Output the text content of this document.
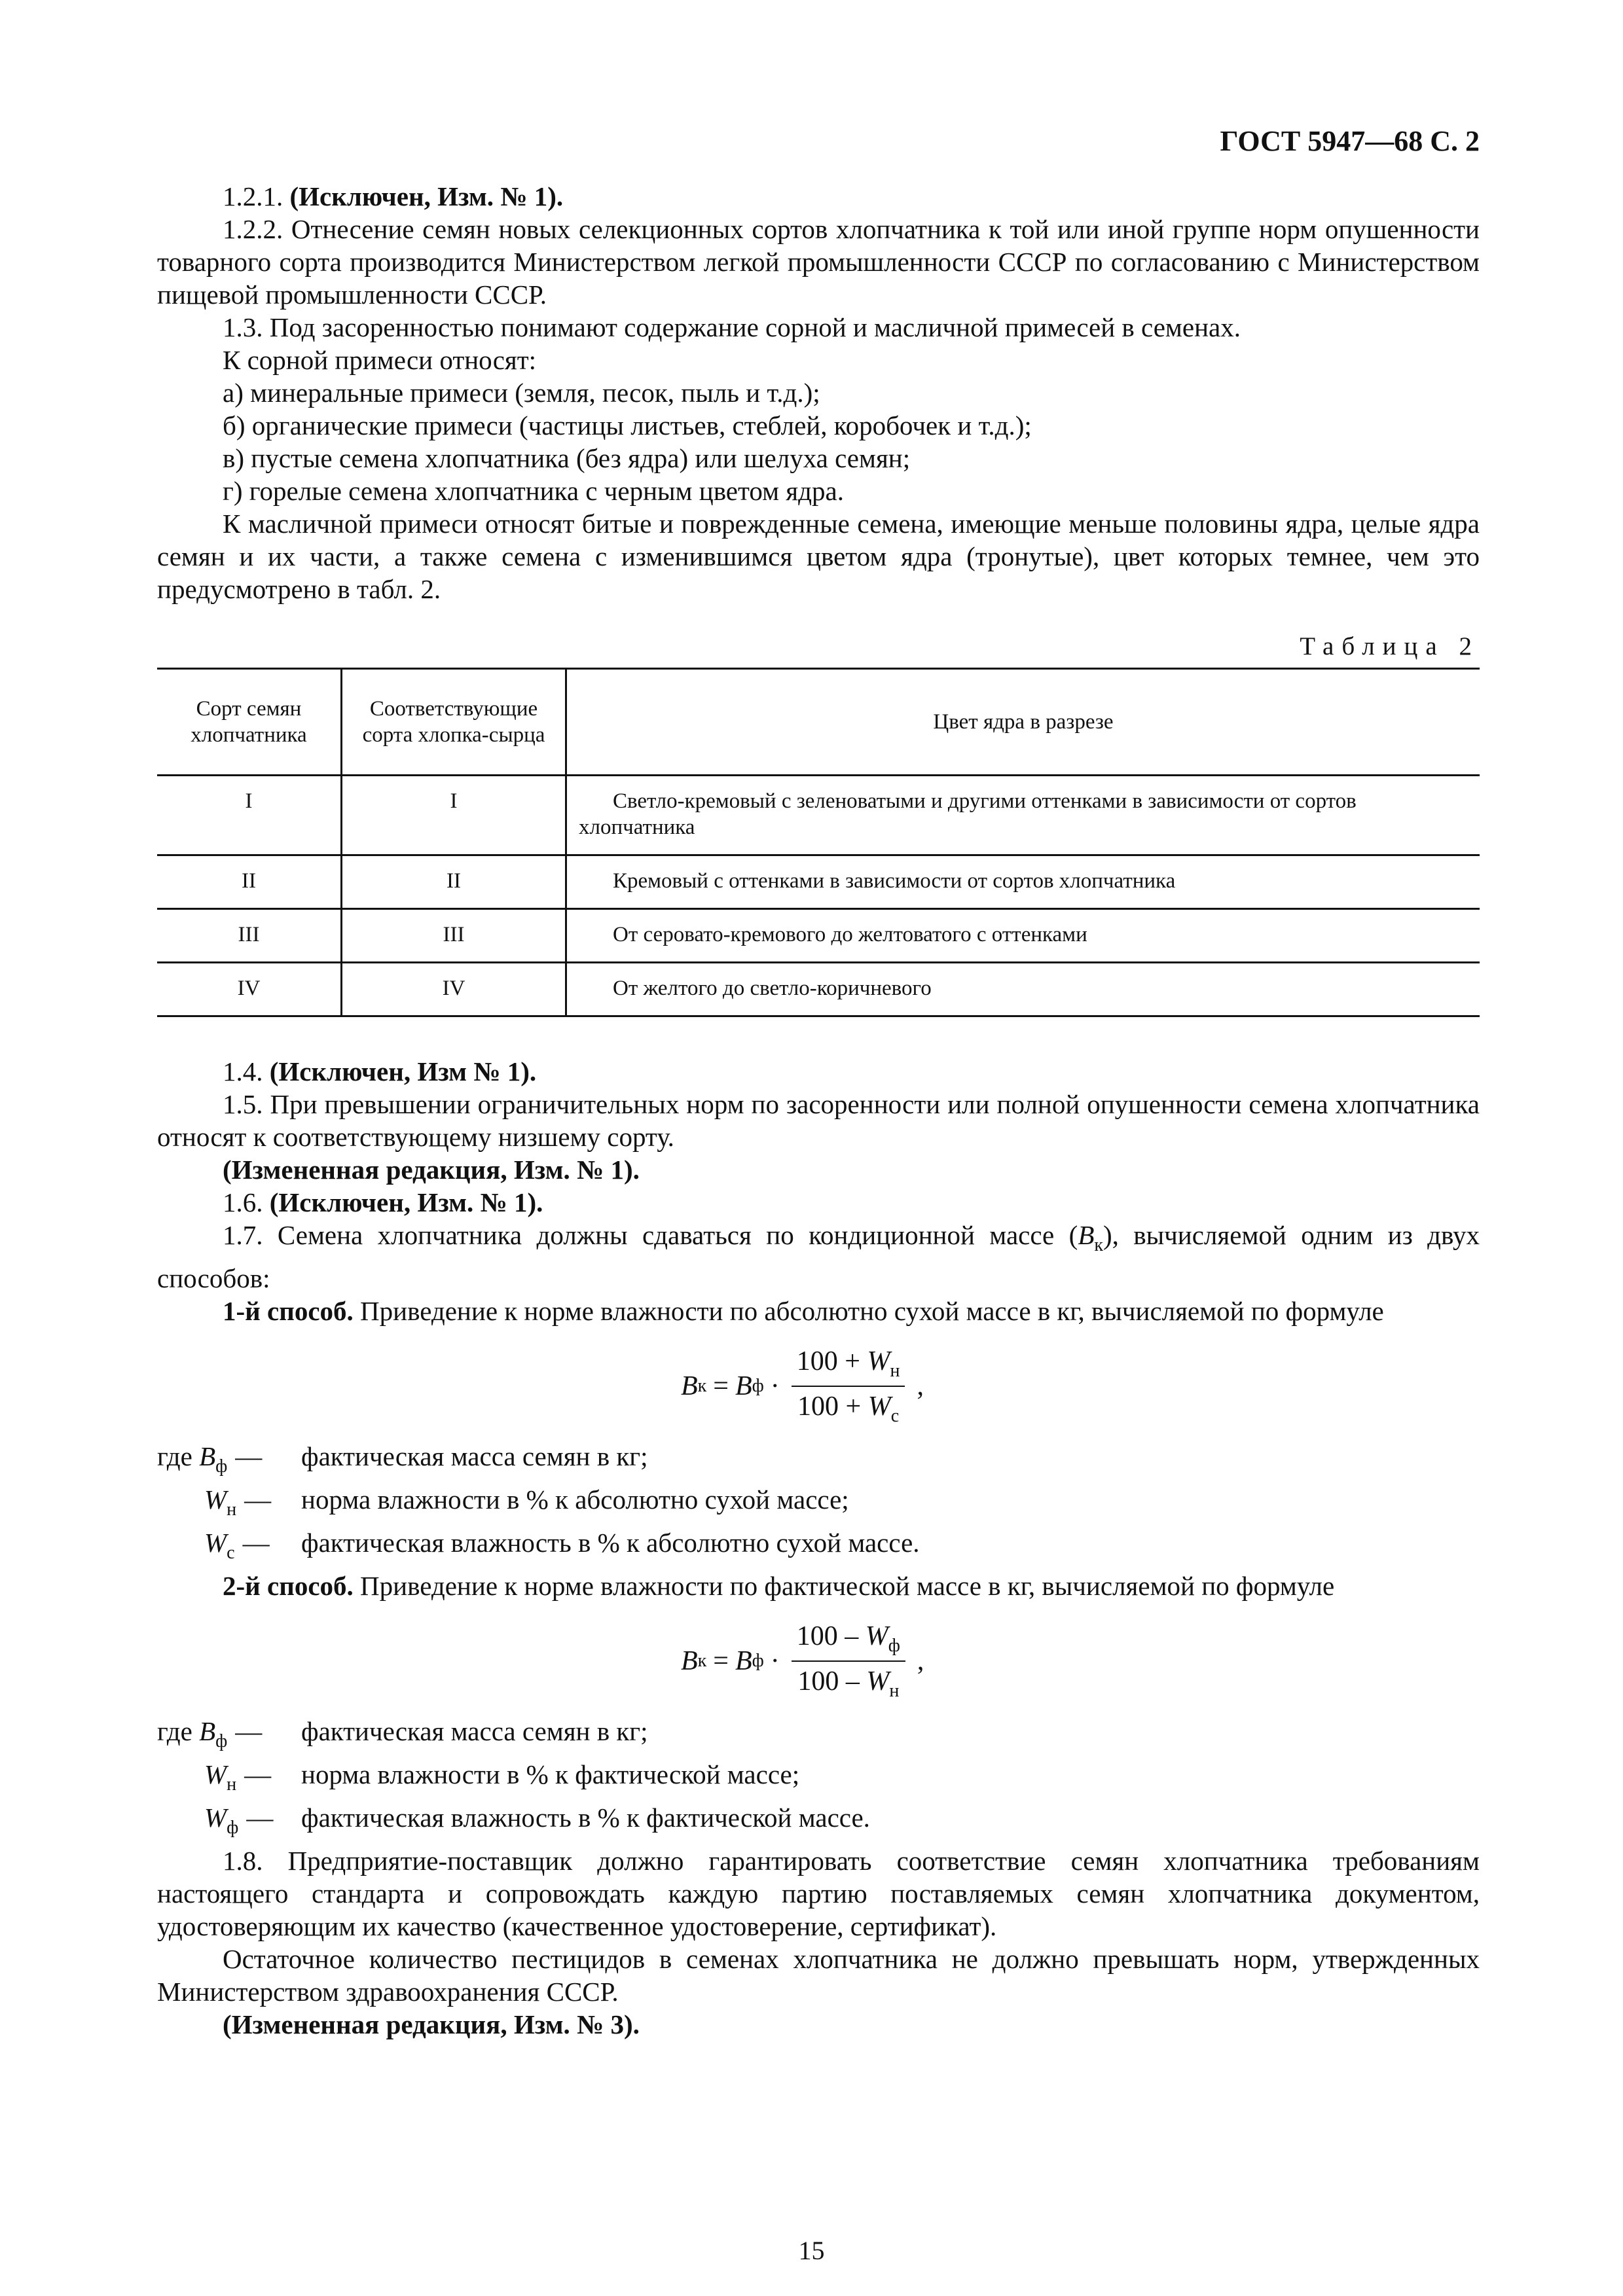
ГОСТ 5947—68 С. 2

1.2.1. (Исключен, Изм. № 1).

1.2.2. Отнесение семян новых селекционных сортов хлопчатника к той или иной группе норм опушенности товарного сорта производится Министерством легкой промышленности СССР по согласованию с Министерством пищевой промышленности СССР.

1.3. Под засоренностью понимают содержание сорной и масличной примесей в семенах.

К сорной примеси относят:

а) минеральные примеси (земля, песок, пыль и т.д.);

б) органические примеси (частицы листьев, стеблей, коробочек и т.д.);

в) пустые семена хлопчатника (без ядра) или шелуха семян;

г) горелые семена хлопчатника с черным цветом ядра.

К масличной примеси относят битые и поврежденные семена, имеющие меньше половины ядра, целые ядра семян и их части, а также семена с изменившимся цветом ядра (тронутые), цвет которых темнее, чем это предусмотрено в табл. 2.

Таблица 2
Сорт семян хлопчатника	Соответствующие сорта хлопка-сырца	Цвет ядра в разрезе
I	I	Светло-кремовый с зеленоватыми и другими оттенками в зависимости от сортов
хлопчатника
II	II	Кремовый с оттенками в зависимости от сортов хлопчатника
III	III	От серовато-кремового до желтоватого с оттенками
IV	IV	От желтого до светло-коричневого

1.4. (Исключен, Изм № 1).

1.5. При превышении ограничительных норм по засоренности или полной опушенности семена хлопчатника относят к соответствующему низшему сорту.

(Измененная редакция, Изм. № 1).

1.6. (Исключен, Изм. № 1).

1.7. Семена хлопчатника должны сдаваться по кондиционной массе $(B_к)$, вычисляемой одним из двух способов:

1-й способ. Приведение к норме влажности по абсолютно сухой массе в кг, вычисляемой по формуле

B к = B $ф \cdot \frac{100 + W_н}{100 + W_с}$ ,
где $B_ф$ —	фактическая масса семян в кг;
$W_н$ —	норма влажности в % к абсолютно сухой массе;
$W_с$ —	фактическая влажность в % к абсолютно сухой массе.

2-й способ. Приведение к норме влажности по фактической массе в кг, вычисляемой по формуле

B к = B $ф \cdot \frac{100 - W_ф}{100 - W_н}$ ,
где $B_ф$ —	фактическая масса семян в кг;
$W_н$ —	норма влажности в % к фактической массе;
$W_ф$ —	фактическая влажность в % к фактической массе.

1.8. Предприятие-поставщик должно гарантировать соответствие семян хлопчатника требованиям настоящего стандарта и сопровождать каждую партию поставляемых семян хлопчатника документом, удостоверяющим их качество (качественное удостоверение, сертификат).

Остаточное количество пестицидов в семенах хлопчатника не должно превышать норм, утвержденных Министерством здравоохранения СССР.

(Измененная редакция, Изм. № 3).

15
